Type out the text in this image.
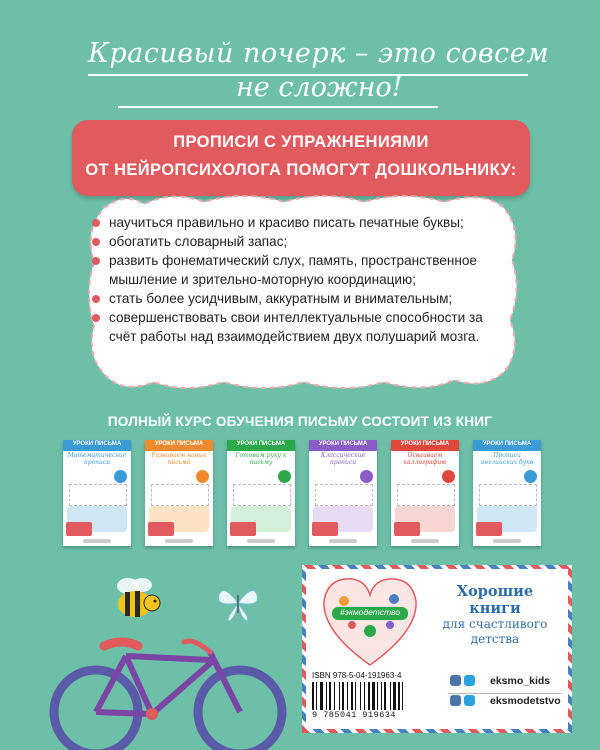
Красивый почерк – это совсем
не сложно!
ПРОПИСИ С УПРАЖНЕНИЯМИ
ОТ НЕЙРОПСИХОЛОГА ПОМОГУТ ДОШКОЛЬНИКУ:
научиться правильно и красиво писать печатные буквы;
обогатить словарный запас;
развить фонематический слух, память, пространственное мышление и зрительно-моторную координацию;
стать более усидчивым, аккуратным и внимательным;
совершенствовать свои интеллектуальные способности за счёт работы над взаимодействием двух полушарий мозга.
ПОЛНЫЙ КУРС ОБУЧЕНИЯ ПИСЬМУ СОСТОИТ ИЗ КНИГ
УРОКИ ПИСЬМА
Математические прописи
УРОКИ ПИСЬМА
Развиваем навык письма
УРОКИ ПИСЬМА
Готовим руку к письму
УРОКИ ПИСЬМА
Классические прописи
УРОКИ ПИСЬМА
Осваиваем каллиграфию
УРОКИ ПИСЬМА
Прописи английских букв
#экмодетство
Хорошие
книги
для счастливого
детства
ISBN 978-5-04-191963-4
9 785041 919634
eksmo_kids
eksmodetstvo
